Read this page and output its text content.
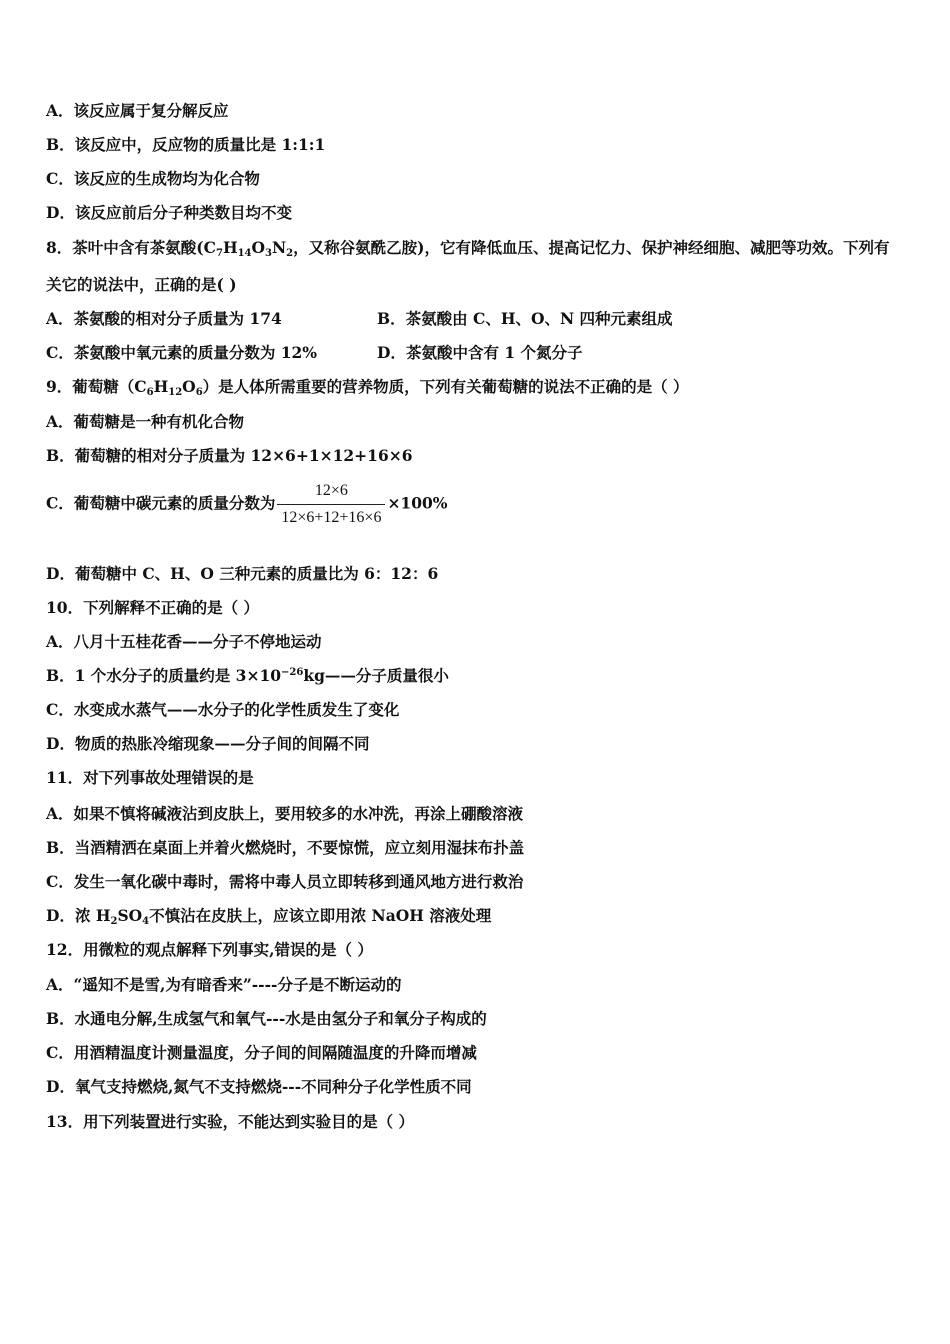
A．该反应属于复分解反应
B．该反应中，反应物的质量比是 1:1:1
C．该反应的生成物均为化合物
D．该反应前后分子种类数目均不变
8．茶叶中含有茶氨酸($C_7H_{14}O_3N_2$，又称谷氨酰乙胺)，它有降低血压、提高记忆力、保护神经细胞、减肥等功效。下列有
关它的说法中，正确的是( )
A．茶氨酸的相对分子质量为 174	B．茶氨酸由 C、H、O、N 四种元素组成
C．茶氨酸中氧元素的质量分数为 12%	D．茶氨酸中含有 1 个氮分子
9．葡萄糖$(C_6H_{12}O_6)$是人体所需重要的营养物质，下列有关葡萄糖的说法不正确的是（ ）
A．葡萄糖是一种有机化合物
B．葡萄糖的相对分子质量为 12×6+1×12+16×6
C．葡萄糖中碳元素的质量分数为 $\frac{12\times 6}{12\times 6+12+16\times 6} \times 100\%$
D．葡萄糖中 C、H、O 三种元素的质量比为 6：12：6
10．下列解释不正确的是（ ）
A．八月十五桂花香——分子不停地运动
B．1 个水分子的质量约是 $3\times 10^{-26}kg——$分子质量很小
C．水变成水蒸气——水分子的化学性质发生了变化
D．物质的热胀冷缩现象——分子间的间隔不同
11．对下列事故处理错误的是
A．如果不慎将碱液沾到皮肤上，要用较多的水冲洗，再涂上硼酸溶液
B．当酒精洒在桌面上并着火燃烧时，不要惊慌，应立刻用湿抹布扑盖
C．发生一氧化碳中毒时，需将中毒人员立即转移到通风地方进行救治
D．浓 $H_2SO_4$不慎沾在皮肤上，应该立即用浓 NaOH 溶液处理
12．用微粒的观点解释下列事实,错误的是（ ）
A．“遥知不是雪,为有暗香来”----分子是不断运动的
B．水通电分解,生成氢气和氧气---水是由氢分子和氧分子构成的
C．用酒精温度计测量温度，分子间的间隔随温度的升降而增减
D．氧气支持燃烧,氮气不支持燃烧---不同种分子化学性质不同
13．用下列装置进行实验，不能达到实验目的是（ ）
